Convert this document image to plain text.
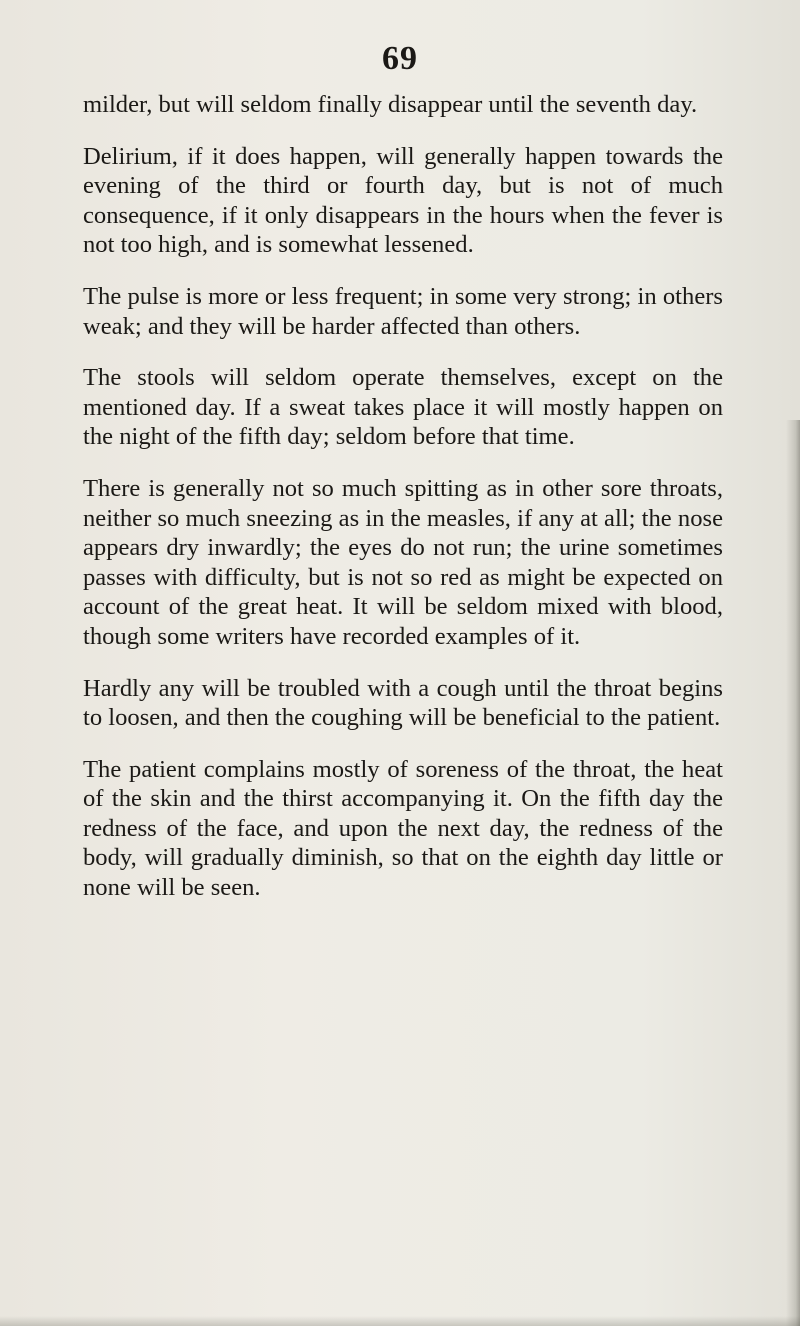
69

milder, but will seldom finally disappear until the seventh day.

Delirium, if it does happen, will generally happen towards the evening of the third or fourth day, but is not of much consequence, if it only disappears in the hours when the fever is not too high, and is somewhat lessened.

The pulse is more or less frequent; in some very strong; in others weak; and they will be harder affected than others.

The stools will seldom operate themselves, except on the mentioned day. If a sweat takes place it will mostly happen on the night of the fifth day; seldom before that time.

There is generally not so much spitting as in other sore throats, neither so much sneezing as in the measles, if any at all; the nose appears dry inwardly; the eyes do not run; the urine sometimes passes with difficulty, but is not so red as might be expected on account of the great heat. It will be seldom mixed with blood, though some writers have recorded examples of it.

Hardly any will be troubled with a cough until the throat begins to loosen, and then the coughing will be beneficial to the patient.

The patient complains mostly of soreness of the throat, the heat of the skin and the thirst accompanying it. On the fifth day the redness of the face, and upon the next day, the redness of the body, will gradually diminish, so that on the eighth day little or none will be seen.
